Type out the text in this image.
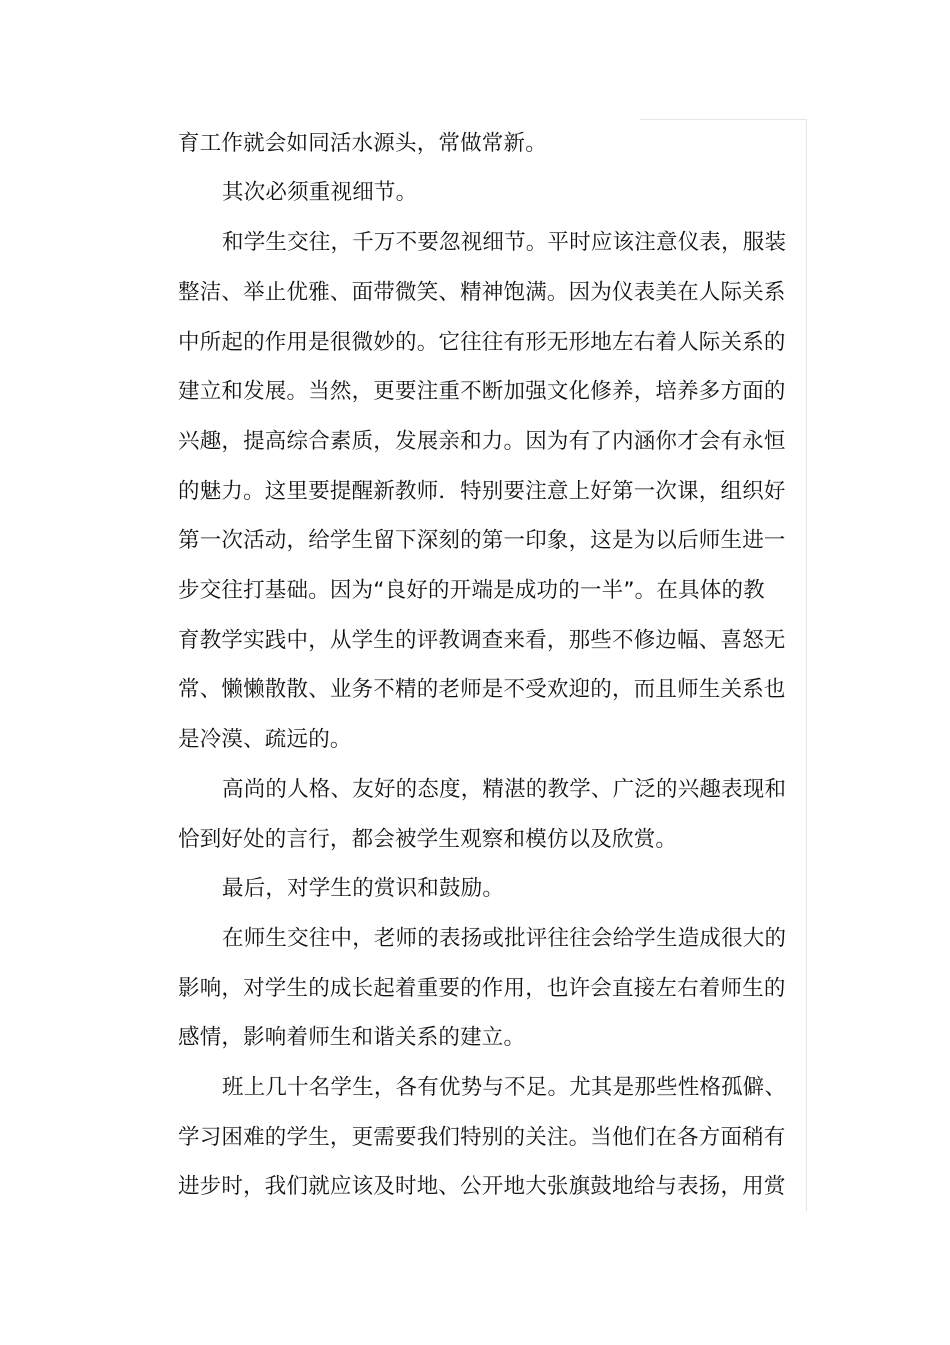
育工作就会如同活水源头，常做常新。
其次必须重视细节。
和学生交往，千万不要忽视细节。平时应该注意仪表，服装
整洁、举止优雅、面带微笑、精神饱满。因为仪表美在人际关系
中所起的作用是很微妙的。它往往有形无形地左右着人际关系的
建立和发展。当然，更要注重不断加强文化修养，培养多方面的
兴趣，提高综合素质，发展亲和力。因为有了内涵你才会有永恒
的魅力。这里要提醒新教师．特别要注意上好第一次课，组织好
第一次活动，给学生留下深刻的第一印象，这是为以后师生进一
步交往打基础。因为“良好的开端是成功的一半”。在具体的教
育教学实践中，从学生的评教调查来看，那些不修边幅、喜怒无
常、懒懒散散、业务不精的老师是不受欢迎的，而且师生关系也
是冷漠、疏远的。
高尚的人格、友好的态度，精湛的教学、广泛的兴趣表现和
恰到好处的言行，都会被学生观察和模仿以及欣赏。
最后，对学生的赏识和鼓励。
在师生交往中，老师的表扬或批评往往会给学生造成很大的
影响，对学生的成长起着重要的作用，也许会直接左右着师生的
感情，影响着师生和谐关系的建立。
班上几十名学生，各有优势与不足。尤其是那些性格孤僻、
学习困难的学生，更需要我们特别的关注。当他们在各方面稍有
进步时，我们就应该及时地、公开地大张旗鼓地给与表扬，用赏
